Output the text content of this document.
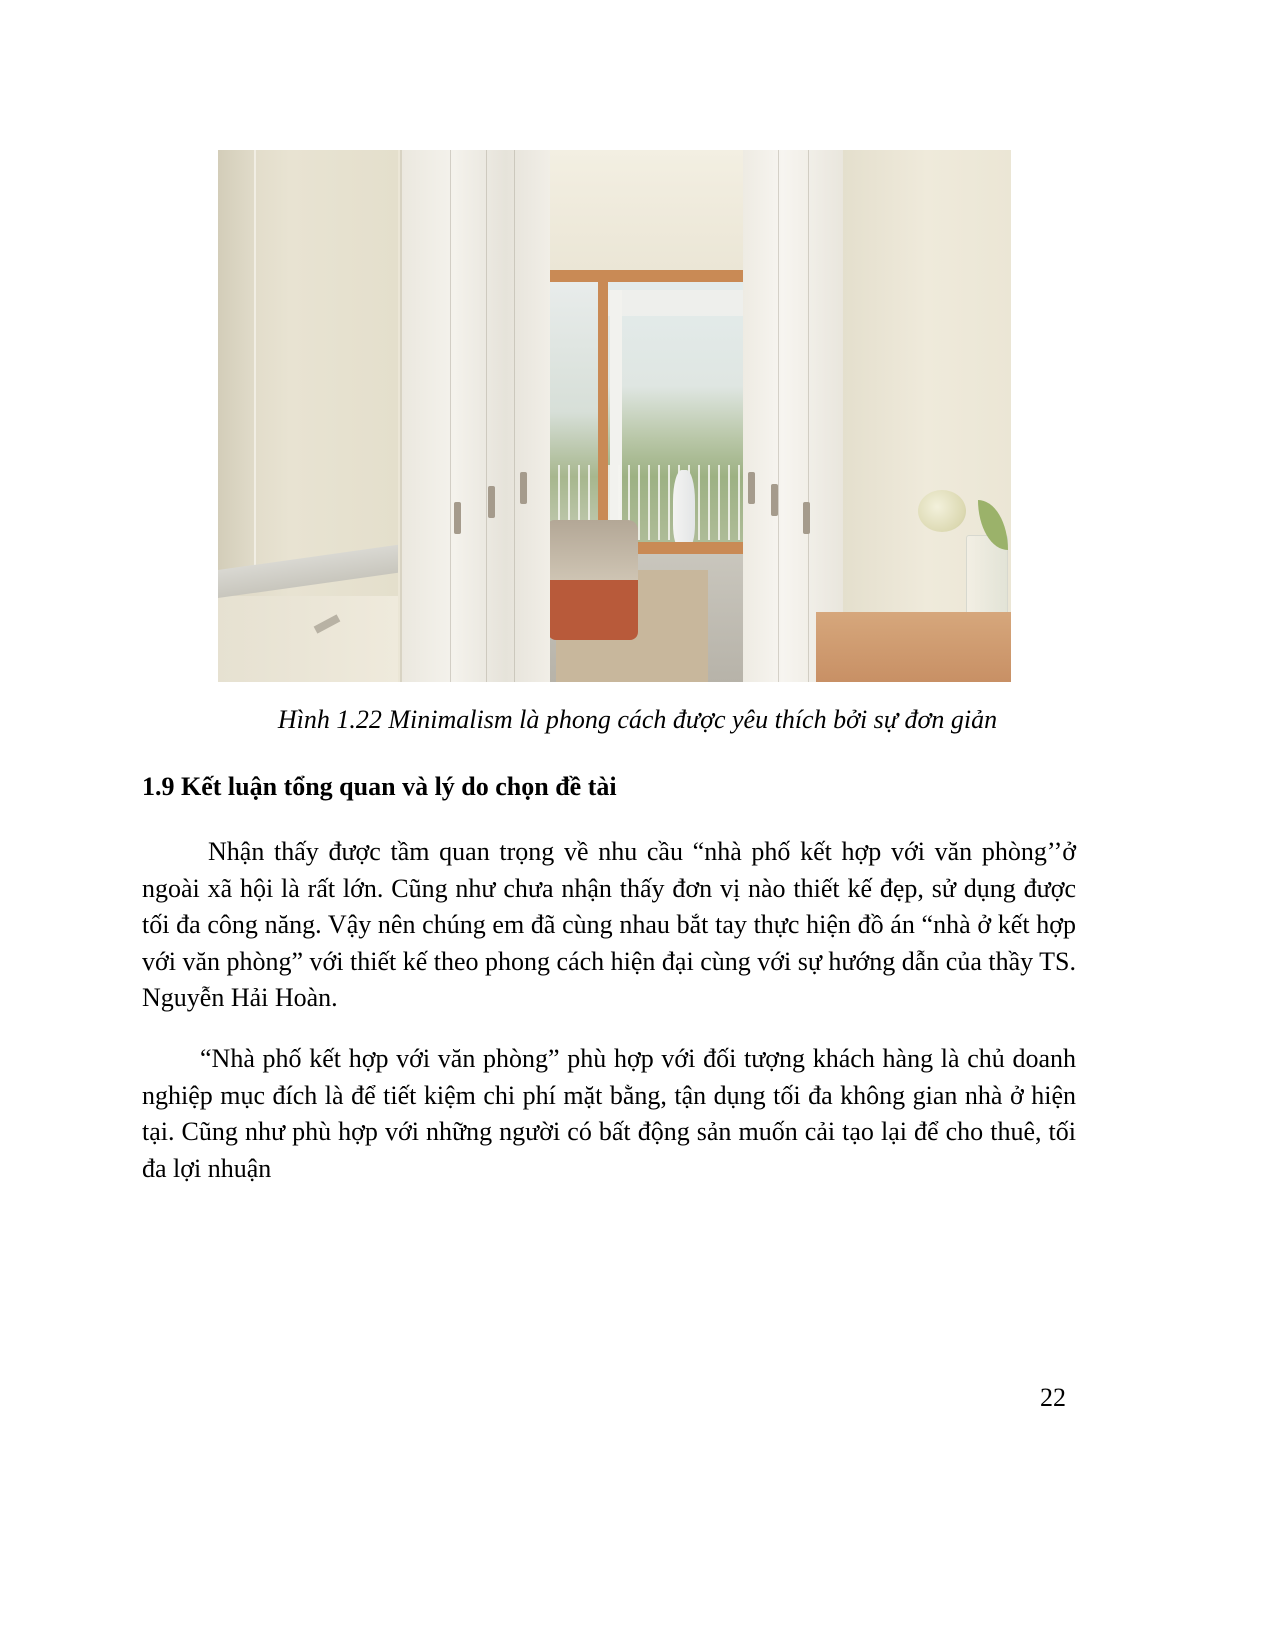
Hình 1.22 Minimalism là phong cách được yêu thích bởi sự đơn giản
1.9 Kết luận tổng quan và lý do chọn đề tài
Nhận thấy được tầm quan trọng về nhu cầu “nhà phố kết hợp với văn phòng’’ở ngoài xã hội là rất lớn. Cũng như chưa nhận thấy đơn vị nào thiết kế đẹp, sử dụng được tối đa công năng. Vậy nên chúng em đã cùng nhau bắt tay thực hiện đồ án “nhà ở kết hợp với văn phòng” với thiết kế theo phong cách hiện đại cùng với sự hướng dẫn của thầy TS. Nguyễn Hải Hoàn.
“Nhà phố kết hợp với văn phòng” phù hợp với đối tượng khách hàng là chủ doanh nghiệp mục đích là để tiết kiệm chi phí mặt bằng, tận dụng tối đa không gian nhà ở hiện tại. Cũng như phù hợp với những người có bất động sản muốn cải tạo lại để cho thuê, tối đa lợi nhuận
22
